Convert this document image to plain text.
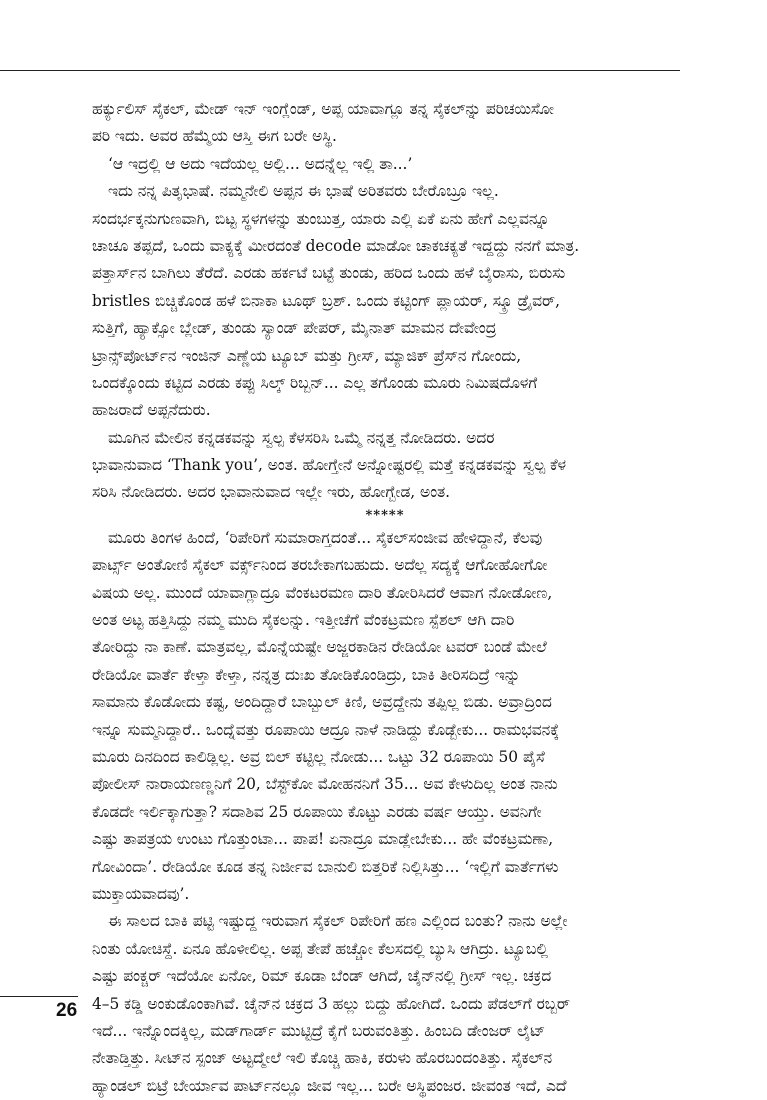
ಹರ್ಕ್ಯುಲಿಸ್ ಸೈಕಲ್, ಮೇಡ್ ಇನ್ ಇಂಗ್ಲೆಂಡ್, ಅಪ್ಪ ಯಾವಾಗ್ಲೂ ತನ್ನ ಸೈಕಲ್‌ನ್ನು ಪರಿಚಯಿಸೋ
ಪರಿ ಇದು. ಅವರ ಹೆಮ್ಮೆಯ ಆಸ್ತಿ ಈಗ ಬರೇ ಅಸ್ಥಿ.
‘ಆ ಇದ್ರಲ್ಲಿ ಆ ಅದು ಇದೆಯಲ್ಲ ಅಲ್ಲಿ... ಅದನ್ನೆಲ್ಲ ಇಲ್ಲಿ ತಾ...’
ಇದು ನನ್ನ ಪಿತೃಭಾಷೆ. ನಮ್ಮನೇಲಿ ಅಪ್ಪನ ಈ ಭಾಷೆ ಅರಿತವರು ಬೇರೊಬ್ರೂ ಇಲ್ಲ.
ಸಂದರ್ಭಕ್ಕನುಗುಣವಾಗಿ, ಬಿಟ್ಟ ಸ್ಥಳಗಳನ್ನು ತುಂಬುತ್ತ, ಯಾರು ಎಲ್ಲಿ ಏಕೆ ಏನು ಹೇಗೆ ಎಲ್ಲವನ್ನೂ
ಚಾಚೂ ತಪ್ಪದೆ, ಒಂದು ವಾಕ್ಯಕ್ಕೆ ಮೀರದಂತೆ decode ಮಾಡೋ ಚಾಕಚಕ್ಯತೆ ಇದ್ದದ್ದು ನನಗೆ ಮಾತ್ರ.
ಪತ್ತಾರ್ಸ್‌ನ ಬಾಗಿಲು ತೆರೆದೆ. ಎರಡು ಹರ್ಕಟೆ ಬಟ್ಟೆ ತುಂಡು, ಹರಿದ ಒಂದು ಹಳೆ ಬೈರಾಸು, ಬಿರುಸು
bristles ಬಿಚ್ಚಿಕೊಂಡ ಹಳೆ ಬಿನಾಕಾ ಟೂಥ್ ಬ್ರಶ್. ಒಂದು ಕಟ್ಟಿಂಗ್ ಪ್ಲಾಯರ್, ಸ್ಕ್ರೂ ಡ್ರೈವರ್,
ಸುತ್ತಿಗೆ, ಹ್ಯಾಕ್ಸೋ ಬ್ಲೇಡ್, ತುಂಡು ಸ್ಯಾಂಡ್ ಪೇಪರ್, ಮೈನಾತ್ ಮಾಮನ ದೇವೇಂದ್ರ
ಟ್ರಾನ್ಸ್‌ಪೋರ್ಟ್‌ನ ಇಂಜಿನ್ ಎಣ್ಣೆಯ ಟ್ಯೂಬ್ ಮತ್ತು ಗ್ರೀಸ್, ಮ್ಯಾಜಿಕ್ ಪ್ರೆಸ್‌ನ ಗೋಂದು,
ಒಂದಕ್ಕೊಂದು ಕಟ್ಟಿದ ಎರಡು ಕಪ್ಪು ಸಿಲ್ಕ್ ರಿಬ್ಬನ್... ಎಲ್ಲ ತಗೊಂಡು ಮೂರು ನಿಮಿಷದೊಳಗೆ
ಹಾಜರಾದೆ ಅಪ್ಪನೆದುರು.
ಮೂಗಿನ ಮೇಲಿನ ಕನ್ನಡಕವನ್ನು ಸ್ವಲ್ಪ ಕೆಳಸರಿಸಿ ಒಮ್ಮೆ ನನ್ನತ್ತ ನೋಡಿದರು. ಅದರ
ಭಾವಾನುವಾದ ‘Thank you’, ಅಂತ. ಹೋಗ್ತೇನೆ ಅನ್ನೋಷ್ಟರಲ್ಲಿ ಮತ್ತೆ ಕನ್ನಡಕವನ್ನು ಸ್ವಲ್ಪ ಕೆಳ
ಸರಿಸಿ ನೋಡಿದರು. ಅದರ ಭಾವಾನುವಾದ ಇಲ್ಲೇ ಇರು, ಹೋಗ್ಬೇಡ, ಅಂತ.
*****
ಮೂರು ತಿಂಗಳ ಹಿಂದೆ, ‘ರಿಪೇರಿಗೆ ಸುಮಾರಾಗ್ತದಂತೆ... ಸೈಕಲ್‌ಸಂಜೀವ ಹೇಳಿದ್ದಾನೆ, ಕೆಲವು
ಪಾರ್ಟ್ಸ್ ಅಂತೋಣಿ ಸೈಕಲ್ ವರ್ಕ್ಸ್‌ನಿಂದ ತರಬೇಕಾಗಬಹುದು. ಅದೆಲ್ಲ ಸದ್ಯಕ್ಕೆ ಆಗೋಹೋಗೋ
ವಿಷಯ ಅಲ್ಲ. ಮುಂದೆ ಯಾವಾಗ್ಲಾದ್ರೂ ವೆಂಕಟರಮಣ ದಾರಿ ತೋರಿಸಿದರೆ ಆವಾಗ ನೋಡೋಣ,
ಅಂತ ಅಟ್ಟ ಹತ್ತಿಸಿದ್ದು ನಮ್ಮ ಮುದಿ ಸೈಕಲನ್ನು. ಇತ್ತೀಚೆಗೆ ವೆಂಕಟ್ರಮಣ ಸ್ಪೆಶಲ್ ಆಗಿ ದಾರಿ
ತೋರಿದ್ದು ನಾ ಕಾಣೆ. ಮಾತ್ರವಲ್ಲ, ಮೊನ್ನೆಯಷ್ಟೇ ಅಜ್ಜರಕಾಡಿನ ರೇಡಿಯೋ ಟವರ್ ಬಂಡೆ ಮೇಲೆ
ರೇಡಿಯೋ ವಾರ್ತೆ ಕೇಳ್ತಾ ಕೇಳ್ತಾ, ನನ್ನತ್ರ ದುಃಖ ತೋಡಿಕೊಂಡಿದ್ರು, ಬಾಕಿ ತೀರಿಸದಿದ್ರೆ ಇನ್ನು
ಸಾಮಾನು ಕೊಡೋದು ಕಷ್ಟ, ಅಂದಿದ್ದಾರೆ ಬಾಬ್ಬುಲ್ ಕಿಣಿ, ಅವ್ರದ್ದೇನು ತಪ್ಪಿಲ್ಲ ಬಿಡು. ಅವ್ರಾದ್ರಿಂದ
ಇನ್ನೂ ಸುಮ್ಮನಿದ್ದಾರೆ.. ಒಂದ್ನೆವತ್ತು ರೂಪಾಯಿ ಆದ್ರೂ ನಾಳೆ ನಾಡಿದ್ದು ಕೊಡ್ಬೇಕು... ರಾಮಭವನಕ್ಕೆ
ಮೂರು ದಿನದಿಂದ ಕಾಲಿಡ್ಲಿಲ್ಲ. ಅವ್ರ ಬಿಲ್ ಕಟ್ಟಿಲ್ಲ ನೋಡು... ಒಟ್ಟು 32 ರೂಪಾಯಿ 50 ಪೈಸೆ
ಪೋಲೀಸ್ ನಾರಾಯಣಣ್ಣನಿಗೆ 20, ಬೆಸ್ಟ್‌ಕೋ ಮೋಹನನಿಗೆ 35... ಅವ ಕೇಳುದಿಲ್ಲ ಅಂತ ನಾನು
ಕೊಡದೇ ಇರ್ಲಿಕ್ಕಾಗುತ್ತಾ? ಸದಾಶಿವ 25 ರೂಪಾಯಿ ಕೊಟ್ಟು ಎರಡು ವರ್ಷ ಆಯ್ತು. ಅವನಿಗೇ
ಎಷ್ಟು ತಾಪತ್ರಯ ಉಂಟು ಗೊತ್ತುಂಟಾ... ಪಾಪ! ಏನಾದ್ರೂ ಮಾಡ್ಲೇಬೇಕು... ಹೇ ವೆಂಕಟ್ರಮಣಾ,
ಗೋವಿಂದಾ’. ರೇಡಿಯೋ ಕೂಡ ತನ್ನ ನಿರ್ಜೀವ ಬಾನುಲಿ ಬಿತ್ತರಿಕೆ ನಿಲ್ಲಿಸಿತ್ತು... ‘ಇಲ್ಲಿಗೆ ವಾರ್ತೆಗಳು
ಮುಕ್ತಾಯವಾದವು’.
ಈ ಸಾಲದ ಬಾಕಿ ಪಟ್ಟಿ ಇಷ್ಟುದ್ದ ಇರುವಾಗ ಸೈಕಲ್ ರಿಪೇರಿಗೆ ಹಣ ಎಲ್ಲಿಂದ ಬಂತು? ನಾನು ಅಲ್ಲೇ
ನಿಂತು ಯೋಚಿಸ್ದೆ. ಏನೂ ಹೊಳೀಲಿಲ್ಲ. ಅಪ್ಪ ತೇಪೆ ಹಚ್ಚೋ ಕೆಲಸದಲ್ಲಿ ಬ್ಯುಸಿ ಆಗಿದ್ರು. ಟ್ಯೂಬಲ್ಲಿ
ಎಷ್ಟು ಪಂಕ್ಚರ್ ಇದೆಯೋ ಏನೋ, ರಿಮ್ ಕೂಡಾ ಬೆಂಡ್ ಆಗಿದೆ, ಚೈನ್‌ನಲ್ಲಿ ಗ್ರೀಸ್ ಇಲ್ಲ. ಚಕ್ರದ
4–5 ಕಡ್ಡಿ ಅಂಕುಡೊಂಕಾಗಿವೆ. ಚೈನ್‌ನ ಚಕ್ರದ 3 ಹಲ್ಲು ಬಿದ್ದು ಹೋಗಿದೆ. ಒಂದು ಪೆಡಲ್‌ಗೆ ರಬ್ಬರ್
ಇದೆ... ಇನ್ನೊಂದಕ್ಕಿಲ್ಲ, ಮಡ್‌ಗಾರ್ಡ್ ಮುಟ್ಟಿದ್ರೆ ಕೈಗೆ ಬರುವಂತಿತ್ತು. ಹಿಂಬದಿ ಡೇಂಜರ್ ಲೈಟ್
ನೇತಾಡ್ತಿತ್ತು. ಸೀಟ್‌ನ ಸ್ಪಂಜ್ ಅಟ್ಟದ್ಮೇಲೆ ಇಲಿ ಕೊಚ್ಚಿ ಹಾಕಿ, ಕರುಳು ಹೊರಬಂದಂತಿತ್ತು. ಸೈಕಲ್‌ನ
ಹ್ಯಾಂಡಲ್ ಬಿಟ್ರೆ ಬೇರ್ಯಾವ ಪಾರ್ಟ್‌ನಲ್ಲೂ ಜೀವ ಇಲ್ಲ... ಬರೇ ಅಸ್ಥಿಪಂಜರ. ಜೀವಂತ ಇದೆ, ಎದೆ
26
